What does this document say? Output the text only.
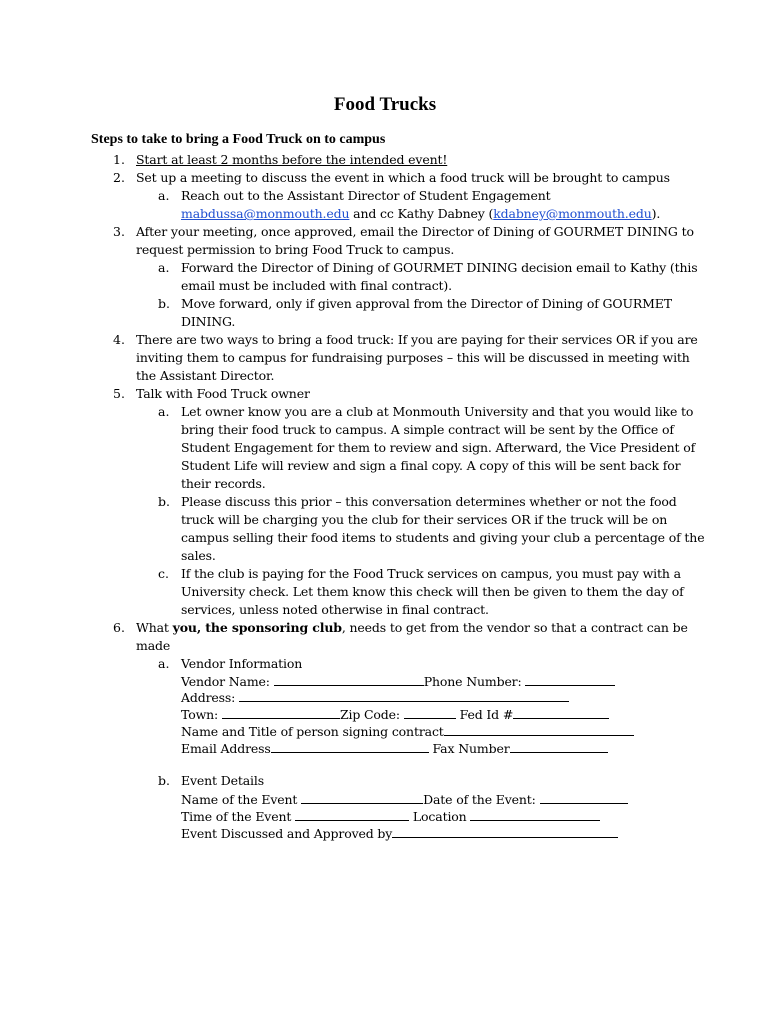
Food Trucks
Steps to take to bring a Food Truck on to campus
1. Start at least 2 months before the intended event!
2. Set up a meeting to discuss the event in which a food truck will be brought to campus
a. Reach out to the Assistant Director of Student Engagement
mabdussa@monmouth.edu and cc Kathy Dabney (kdabney@monmouth.edu).
3. After your meeting, once approved, email the Director of Dining of GOURMET DINING to
request permission to bring Food Truck to campus.
a. Forward the Director of Dining of GOURMET DINING decision email to Kathy (this
email must be included with final contract).
b. Move forward, only if given approval from the Director of Dining of GOURMET
DINING.
4. There are two ways to bring a food truck: If you are paying for their services OR if you are
inviting them to campus for fundraising purposes – this will be discussed in meeting with
the Assistant Director.
5. Talk with Food Truck owner
a. Let owner know you are a club at Monmouth University and that you would like to
bring their food truck to campus. A simple contract will be sent by the Office of
Student Engagement for them to review and sign. Afterward, the Vice President of
Student Life will review and sign a final copy. A copy of this will be sent back for
their records.
b. Please discuss this prior – this conversation determines whether or not the food
truck will be charging you the club for their services OR if the truck will be on
campus selling their food items to students and giving your club a percentage of the
sales.
c. If the club is paying for the Food Truck services on campus, you must pay with a
University check. Let them know this check will then be given to them the day of
services, unless noted otherwise in final contract.
6. What you, the sponsoring club, needs to get from the vendor so that a contract can be
made
a. Vendor Information
Vendor Name:	Phone Number:
Address:
Town:	Zip Code:	Fed Id #
Name and Title of person signing contract
Email Address	Fax Number
b. Event Details
Name of the Event	Date of the Event:
Time of the Event	Location
Event Discussed and Approved by
